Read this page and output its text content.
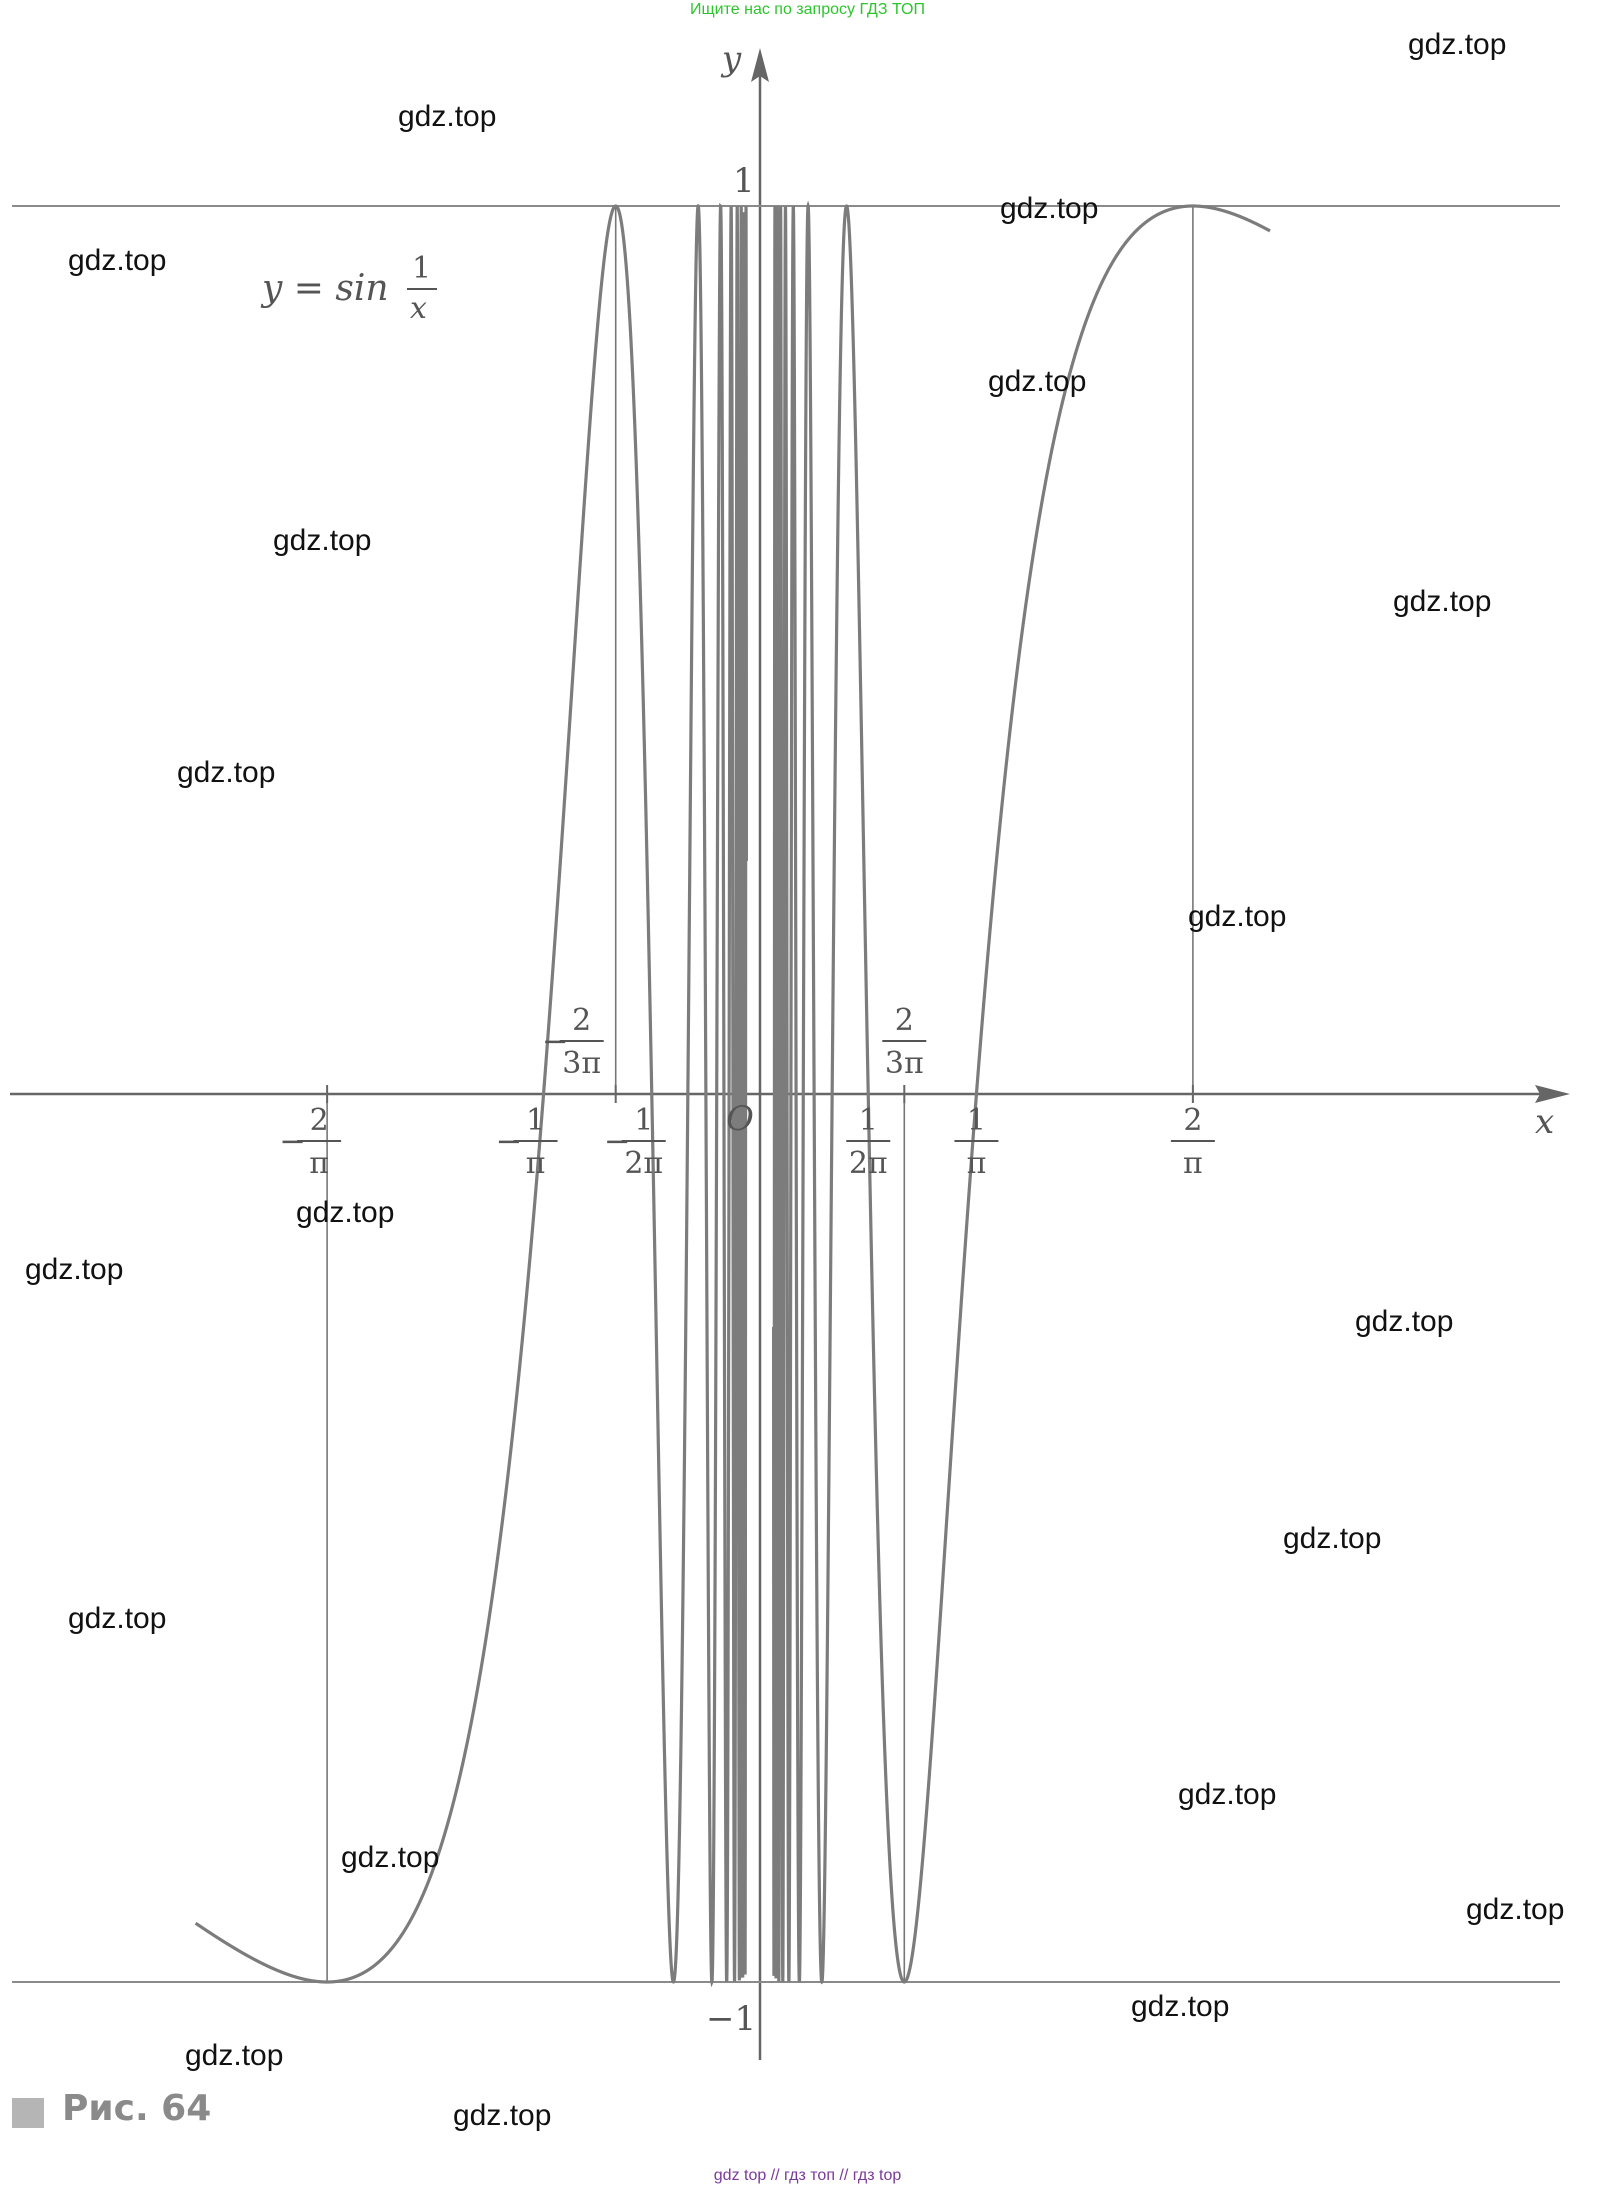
Ищите нас по запросу ГДЗ ТОП
−
2
π
−
1
π
−
2
3π
−
1
2π
1
2π
2
3π
1
π
2
π
y
x
O
1
−1
y = sin 1
x
Рис. 64
gdz.top
gdz.top
gdz.top
gdz.top
gdz.top
gdz.top
gdz.top
gdz.top
gdz.top
gdz.top
gdz.top
gdz.top
gdz.top
gdz.top
gdz.top
gdz.top
gdz.top
gdz.top
gdz.top
gdz.top
gdz top // гдз топ // гдз top
